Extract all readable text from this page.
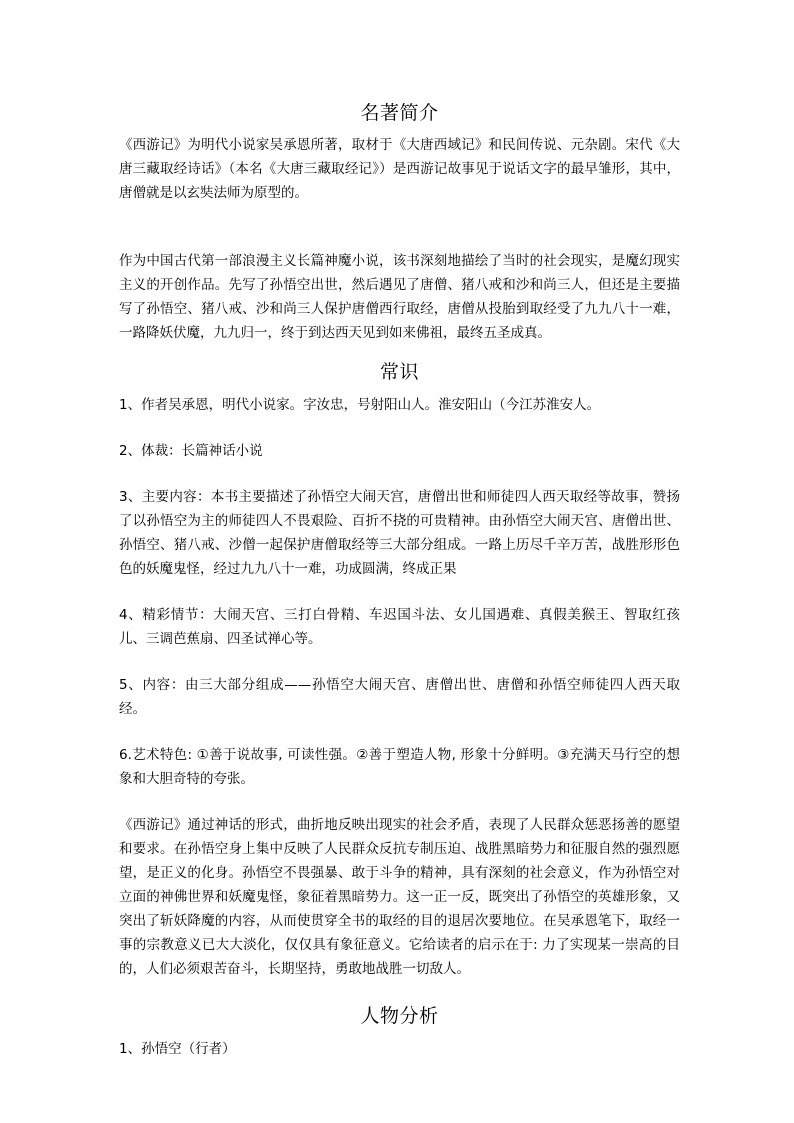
名著简介

《西游记》为明代小说家吴承恩所著，取材于《大唐西域记》和民间传说、元杂剧。宋代《大唐三藏取经诗话》（本名《大唐三藏取经记》）是西游记故事见于说话文字的最早雏形，其中，唐僧就是以玄奘法师为原型的。

作为中国古代第一部浪漫主义长篇神魔小说，该书深刻地描绘了当时的社会现实，是魔幻现实主义的开创作品。先写了孙悟空出世，然后遇见了唐僧、猪八戒和沙和尚三人，但还是主要描写了孙悟空、猪八戒、沙和尚三人保护唐僧西行取经，唐僧从投胎到取经受了九九八十一难，一路降妖伏魔，九九归一，终于到达西天见到如来佛祖，最终五圣成真。

常识

1、作者吴承恩，明代小说家。字汝忠，号射阳山人。淮安阳山（今江苏淮安人。

2、体裁：长篇神话小说

3、主要内容：本书主要描述了孙悟空大闹天宫，唐僧出世和师徒四人西天取经等故事，赞扬了以孙悟空为主的师徒四人不畏艰险、百折不挠的可贵精神。由孙悟空大闹天宫、唐僧出世、孙悟空、猪八戒、沙僧一起保护唐僧取经等三大部分组成。一路上历尽千辛万苦，战胜形形色色的妖魔鬼怪，经过九九八十一难，功成圆满，终成正果

4、精彩情节：大闹天宫、三打白骨精、车迟国斗法、女儿国遇难、真假美猴王、智取红孩儿、三调芭蕉扇、四圣试禅心等。

5、内容：由三大部分组成——孙悟空大闹天宫、唐僧出世、唐僧和孙悟空师徒四人西天取经。

6.艺术特色: ①善于说故事, 可读性强。②善于塑造人物, 形象十分鲜明。③充满天马行空的想象和大胆奇特的夸张。

《西游记》通过神话的形式，曲折地反映出现实的社会矛盾，表现了人民群众惩恶扬善的愿望和要求。在孙悟空身上集中反映了人民群众反抗专制压迫、战胜黑暗势力和征服自然的强烈愿望，是正义的化身。孙悟空不畏强暴、敢于斗争的精神，具有深刻的社会意义，作为孙悟空对立面的神佛世界和妖魔鬼怪，象征着黑暗势力。这一正一反，既突出了孙悟空的英雄形象，又突出了斩妖降魔的内容，从而使贯穿全书的取经的目的退居次要地位。在吴承恩笔下，取经一事的宗教意义已大大淡化，仅仅具有象征意义。它给读者的启示在于: 力了实现某一崇高的目的，人们必须艰苦奋斗，长期坚持，勇敢地战胜一切敌人。

人物分析

1、孙悟空（行者）
